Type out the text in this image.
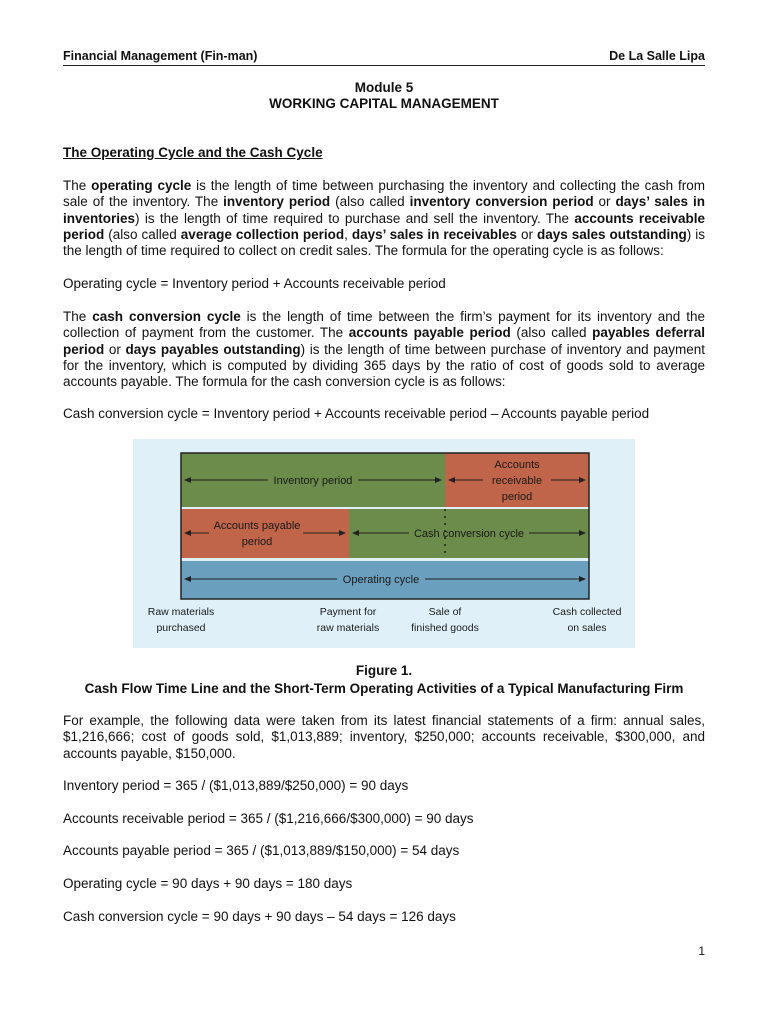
Financial Management (Fin-man)	De La Salle Lipa
Module 5
WORKING CAPITAL MANAGEMENT
The Operating Cycle and the Cash Cycle
The operating cycle is the length of time between purchasing the inventory and collecting the cash from sale of the inventory. The inventory period (also called inventory conversion period or days’ sales in inventories) is the length of time required to purchase and sell the inventory. The accounts receivable period (also called average collection period, days’ sales in receivables or days sales outstanding) is the length of time required to collect on credit sales. The formula for the operating cycle is as follows:
Operating cycle = Inventory period + Accounts receivable period
The cash conversion cycle is the length of time between the firm’s payment for its inventory and the collection of payment from the customer. The accounts payable period (also called payables deferral period or days payables outstanding) is the length of time between purchase of inventory and payment for the inventory, which is computed by dividing 365 days by the ratio of cost of goods sold to average accounts payable. The formula for the cash conversion cycle is as follows:
Cash conversion cycle = Inventory period + Accounts receivable period – Accounts payable period
Inventory period
Accounts
receivable
period
Accounts payable
period
Cash conversion cycle
Operating cycle
Raw materials
purchased
Payment for
raw materials
Sale of
finished goods
Cash collected
on sales
Figure 1.
Cash Flow Time Line and the Short-Term Operating Activities of a Typical Manufacturing Firm
For example, the following data were taken from its latest financial statements of a firm: annual sales, $1,216,666; cost of goods sold, $1,013,889; inventory, $250,000; accounts receivable, $300,000, and accounts payable, $150,000.
Inventory period = 365 / ($1,013,889/$250,000) = 90 days
Accounts receivable period = 365 / ($1,216,666/$300,000) = 90 days
Accounts payable period = 365 / ($1,013,889/$150,000) = 54 days
Operating cycle = 90 days + 90 days = 180 days
Cash conversion cycle = 90 days + 90 days – 54 days = 126 days
1
